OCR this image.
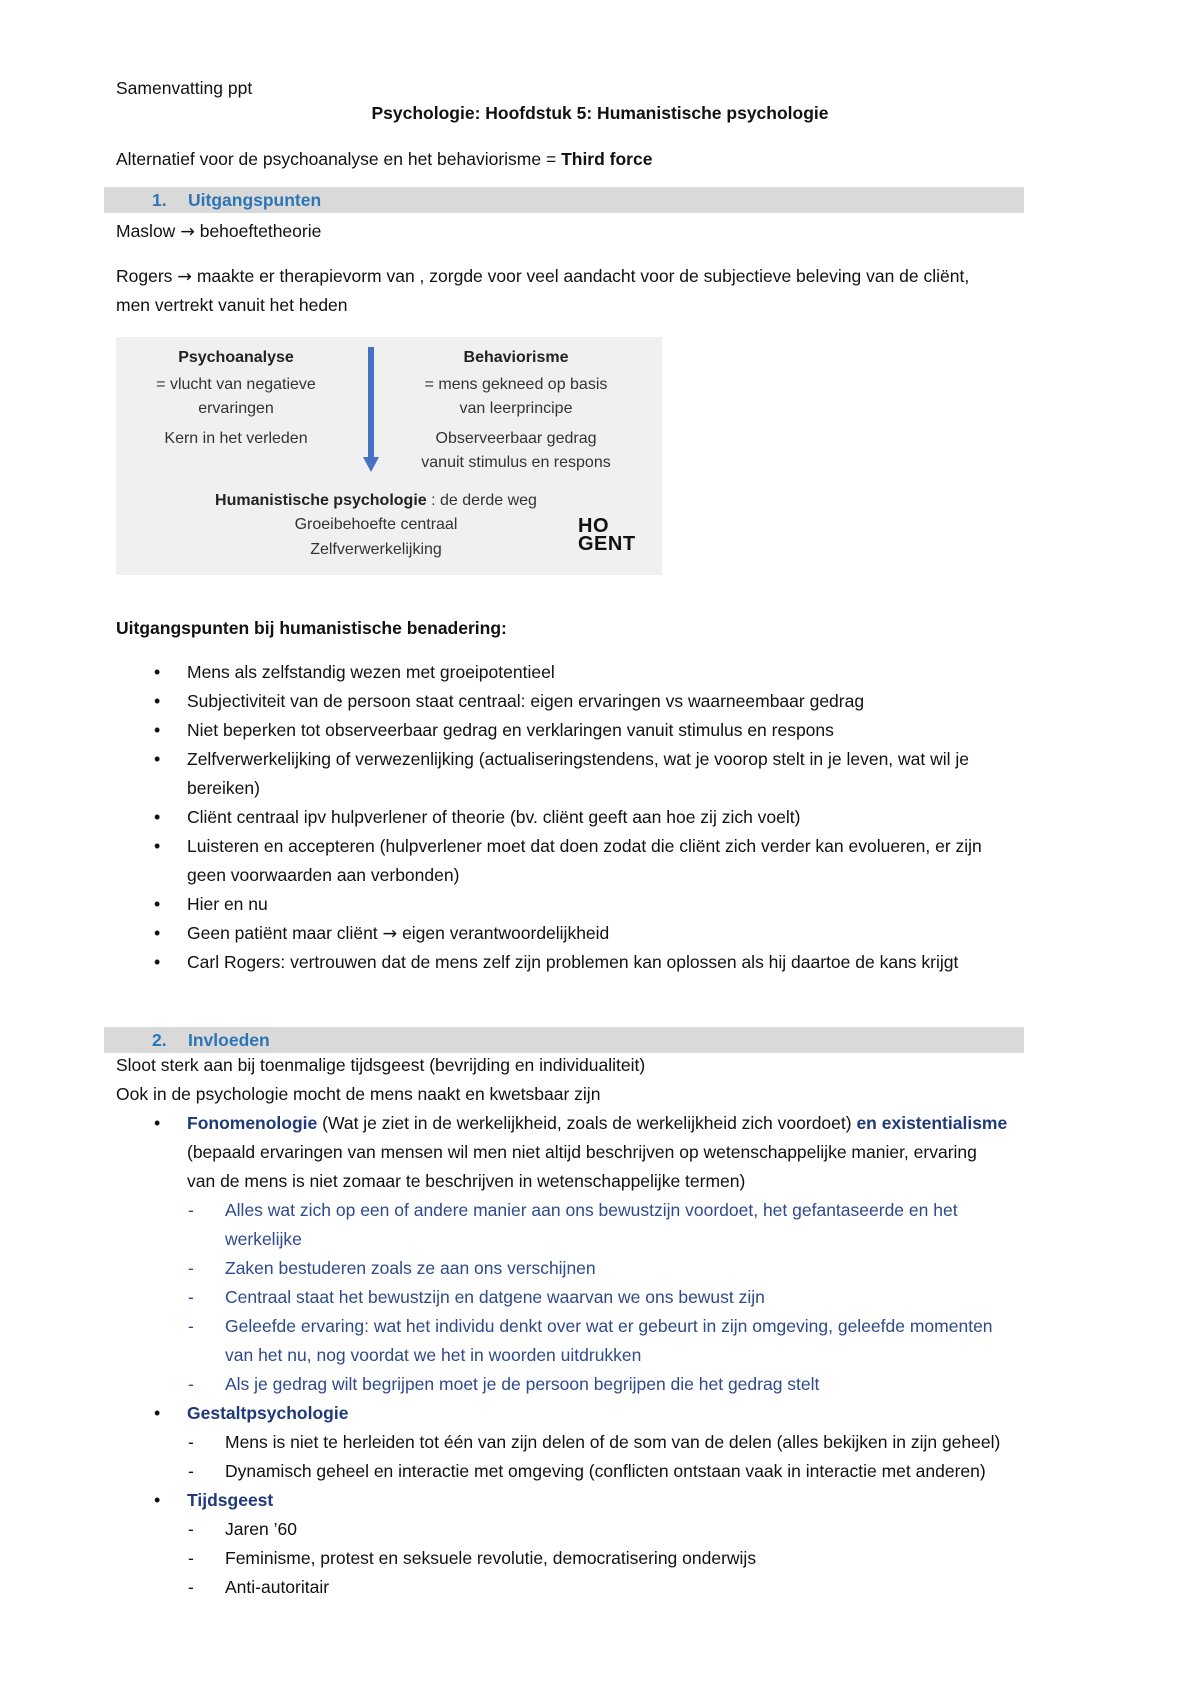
Samenvatting ppt
Psychologie: Hoofdstuk 5: Humanistische psychologie
Alternatief voor de psychoanalyse en het behaviorisme = Third force
1. Uitgangspunten
Maslow → behoeftetheorie
Rogers → maakte er therapievorm van , zorgde voor veel aandacht voor de subjectieve beleving van de cliënt,
men vertrekt vanuit het heden
Psychoanalyse
= vlucht van negatieve
ervaringen
Kern in het verleden
Behaviorisme
= mens gekneed op basis
van leerprincipe
Observeerbaar gedrag
vanuit stimulus en respons
Humanistische psychologie : de derde weg
Groeibehoefte centraal
Zelfverwerkelijking
HO
GENT
Uitgangspunten bij humanistische benadering:
• Mens als zelfstandig wezen met groeipotentieel
• Subjectiviteit van de persoon staat centraal: eigen ervaringen vs waarneembaar gedrag
• Niet beperken tot observeerbaar gedrag en verklaringen vanuit stimulus en respons
• Zelfverwerkelijking of verwezenlijking (actualiseringstendens, wat je voorop stelt in je leven, wat wil je
bereiken)
• Cliënt centraal ipv hulpverlener of theorie (bv. cliënt geeft aan hoe zij zich voelt)
• Luisteren en accepteren (hulpverlener moet dat doen zodat die cliënt zich verder kan evolueren, er zijn
geen voorwaarden aan verbonden)
• Hier en nu
• Geen patiënt maar cliënt → eigen verantwoordelijkheid
• Carl Rogers: vertrouwen dat de mens zelf zijn problemen kan oplossen als hij daartoe de kans krijgt
2. Invloeden
Sloot sterk aan bij toenmalige tijdsgeest (bevrijding en individualiteit)
Ook in de psychologie mocht de mens naakt en kwetsbaar zijn
• Fonomenologie (Wat je ziet in de werkelijkheid, zoals de werkelijkheid zich voordoet) en existentialisme
(bepaald ervaringen van mensen wil men niet altijd beschrijven op wetenschappelijke manier, ervaring
van de mens is niet zomaar te beschrijven in wetenschappelijke termen)
- Alles wat zich op een of andere manier aan ons bewustzijn voordoet, het gefantaseerde en het
werkelijke
- Zaken bestuderen zoals ze aan ons verschijnen
- Centraal staat het bewustzijn en datgene waarvan we ons bewust zijn
- Geleefde ervaring: wat het individu denkt over wat er gebeurt in zijn omgeving, geleefde momenten
van het nu, nog voordat we het in woorden uitdrukken
- Als je gedrag wilt begrijpen moet je de persoon begrijpen die het gedrag stelt
• Gestaltpsychologie
- Mens is niet te herleiden tot één van zijn delen of de som van de delen (alles bekijken in zijn geheel)
- Dynamisch geheel en interactie met omgeving (conflicten ontstaan vaak in interactie met anderen)
• Tijdsgeest
- Jaren ’60
- Feminisme, protest en seksuele revolutie, democratisering onderwijs
- Anti-autoritair
